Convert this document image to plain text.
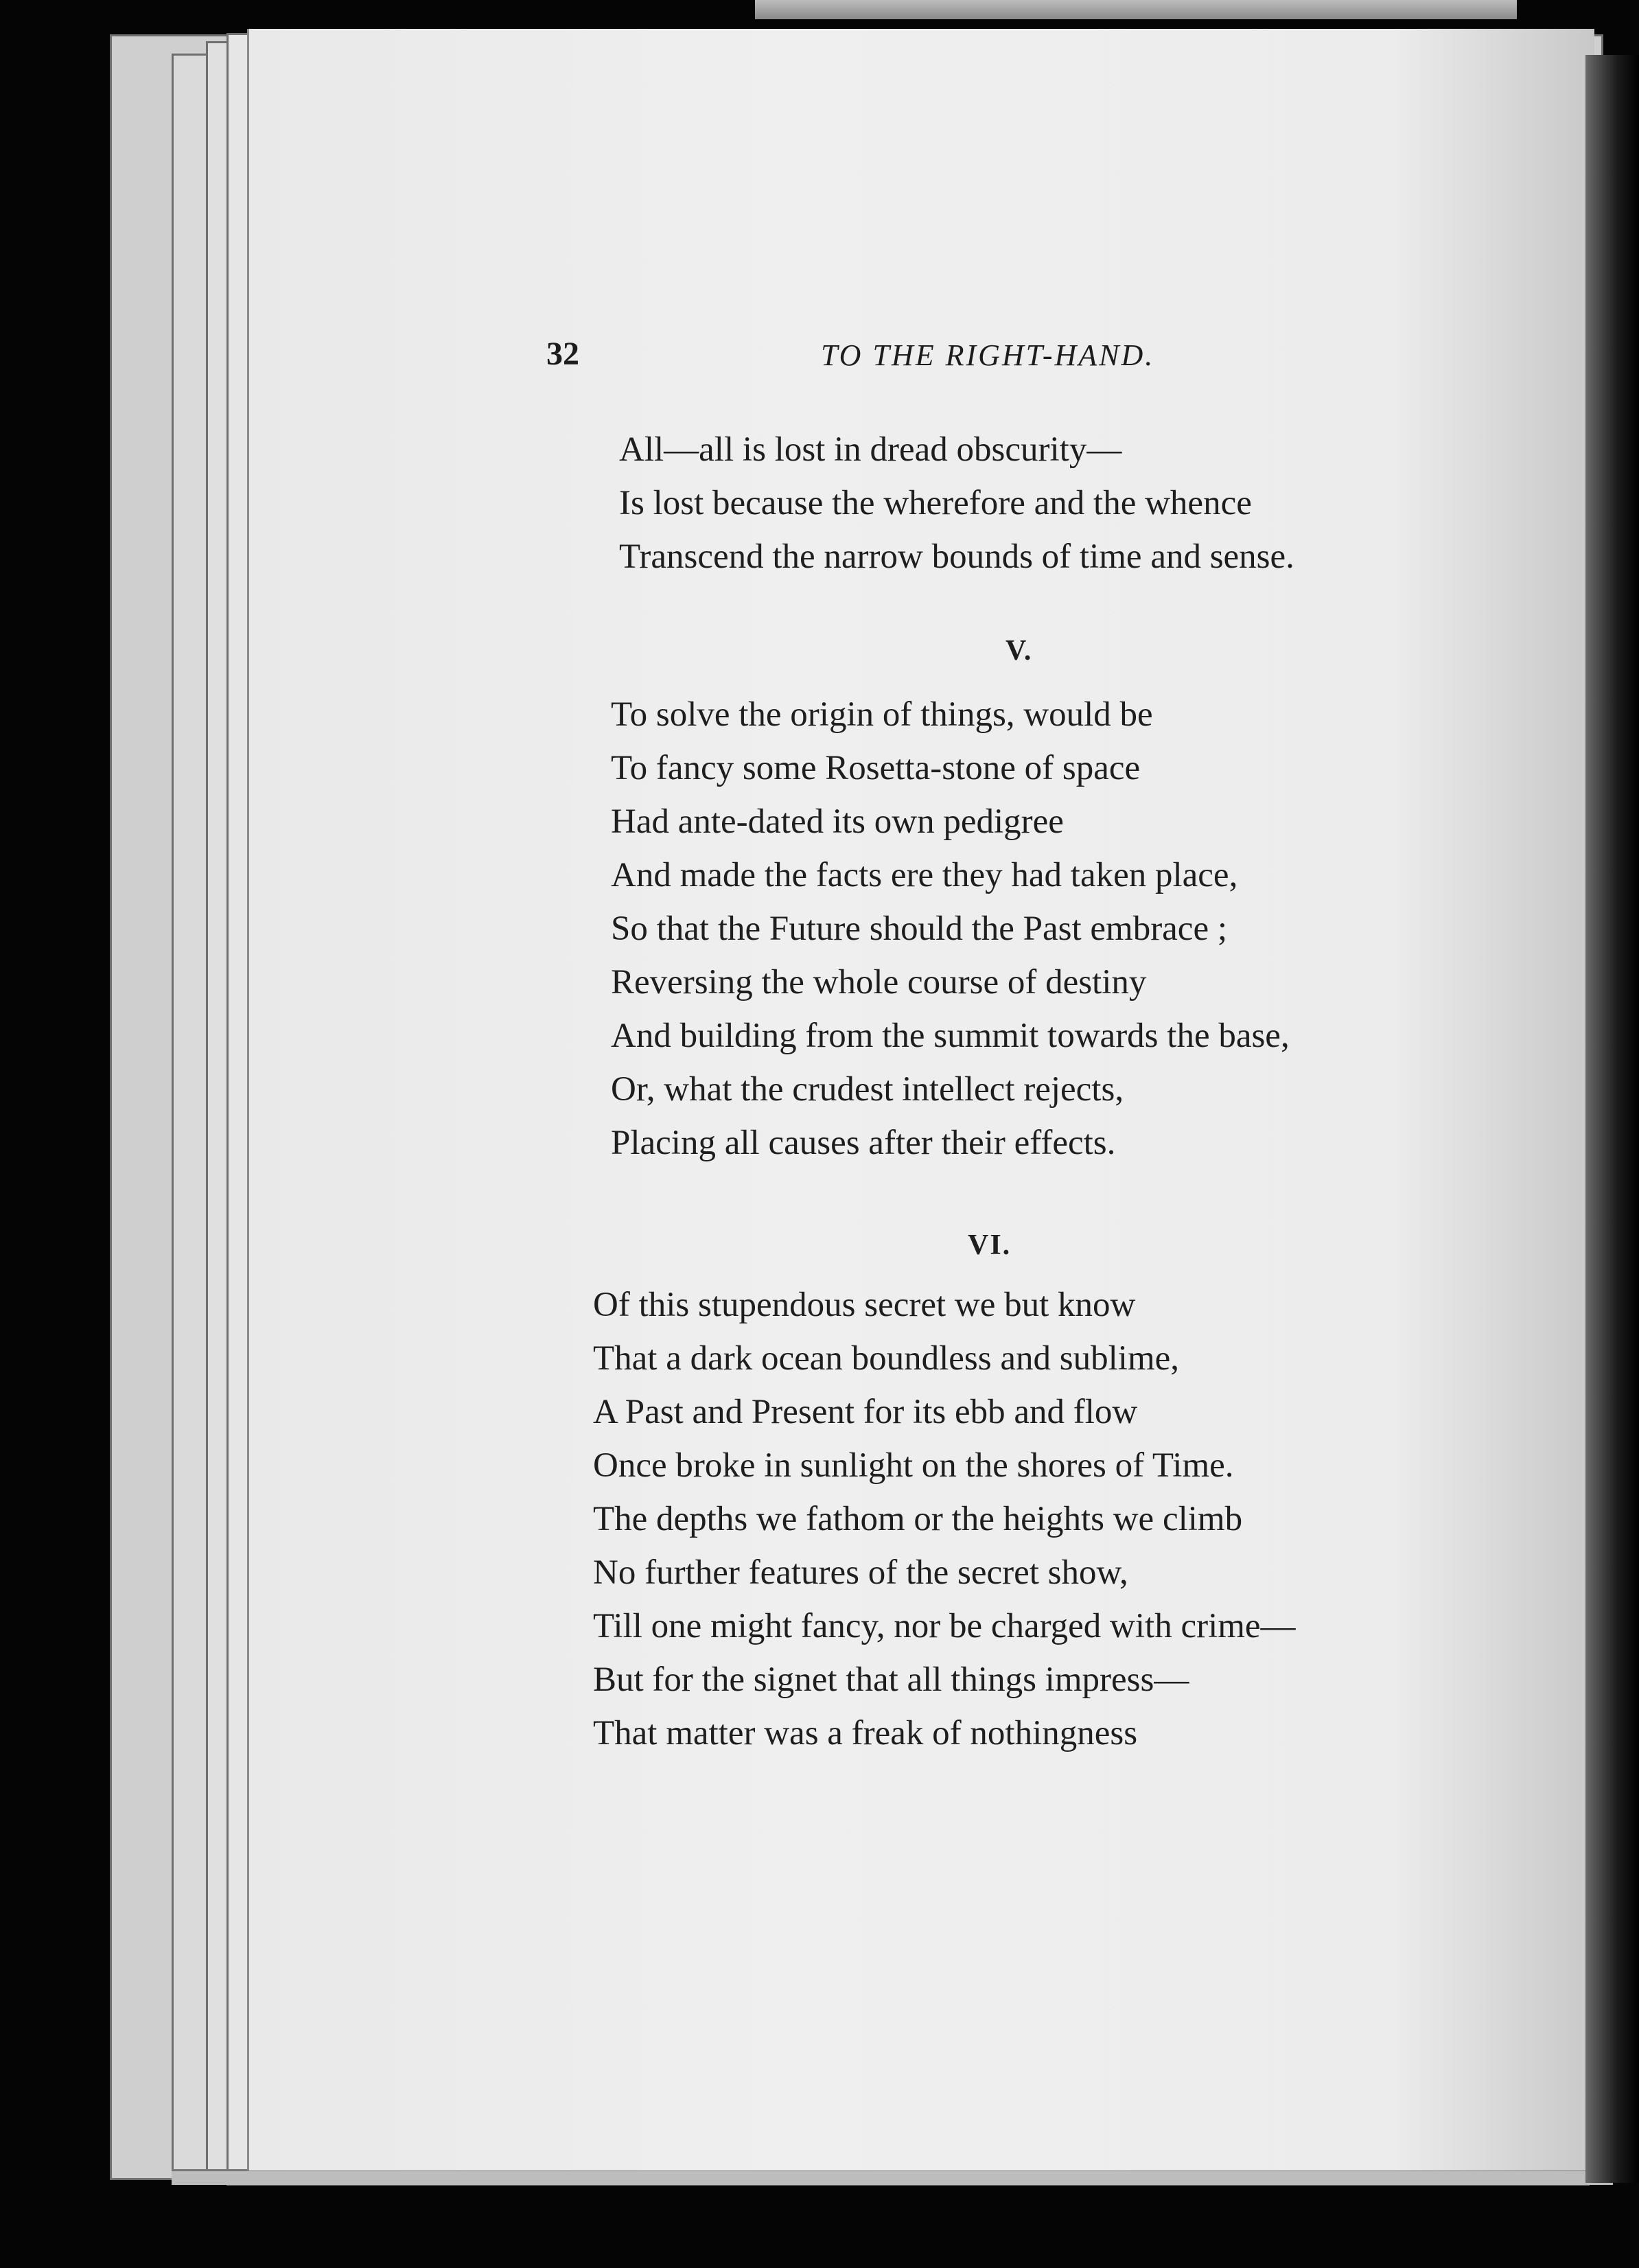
32	TO THE RIGHT-HAND.
All—all is lost in dread obscurity—
Is lost because the wherefore and the whence
Transcend the narrow bounds of time and sense.
V.
To solve the origin of things, would be
To fancy some Rosetta-stone of space
Had ante-dated its own pedigree
And made the facts ere they had taken place,
So that the Future should the Past embrace ;
Reversing the whole course of destiny
And building from the summit towards the base,
Or, what the crudest intellect rejects,
Placing all causes after their effects.
VI.
Of this stupendous secret we but know
That a dark ocean boundless and sublime,
A Past and Present for its ebb and flow
Once broke in sunlight on the shores of Time.
The depths we fathom or the heights we climb
No further features of the secret show,
Till one might fancy, nor be charged with crime—
But for the signet that all things impress—
That matter was a freak of nothingness
